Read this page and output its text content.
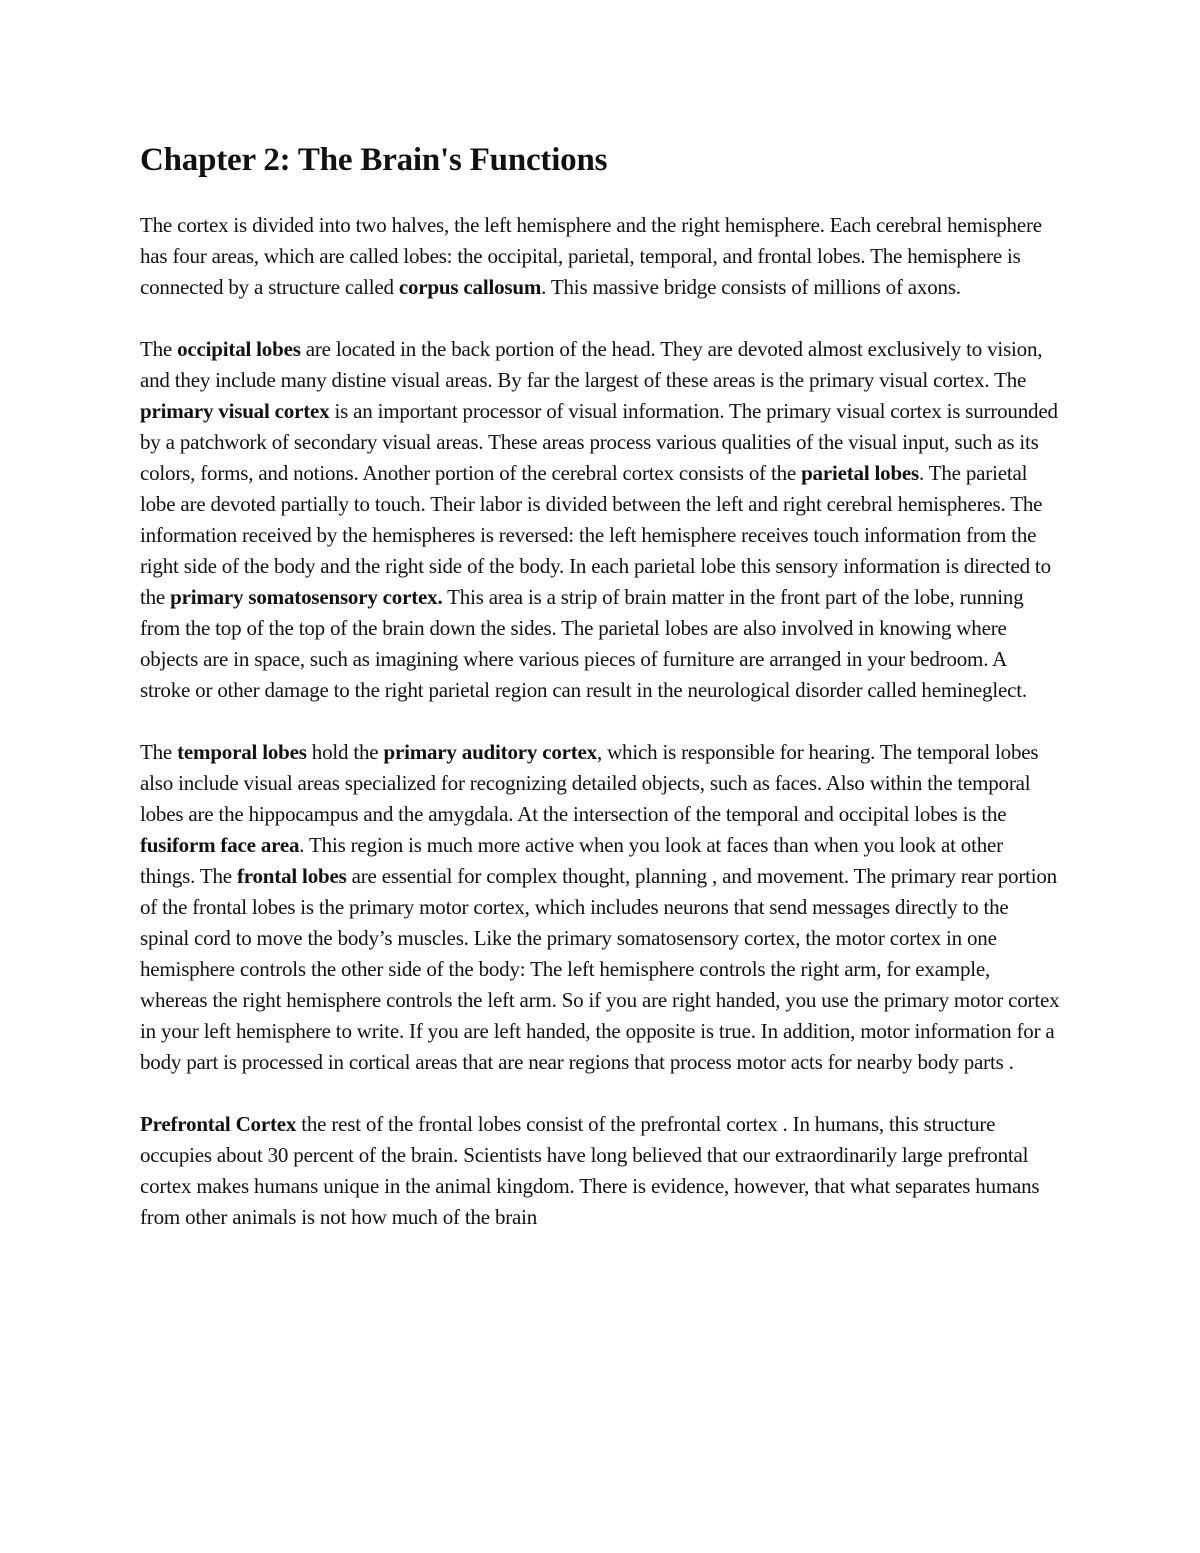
Chapter 2: The Brain's Functions

The cortex is divided into two halves, the left hemisphere and the right hemisphere. Each cerebral hemisphere has four areas, which are called lobes: the occipital, parietal, temporal, and frontal lobes. The hemisphere is connected by a structure called corpus callosum. This massive bridge consists of millions of axons.

The occipital lobes are located in the back portion of the head. They are devoted almost exclusively to vision, and they include many distine visual areas. By far the largest of these areas is the primary visual cortex. The primary visual cortex is an important processor of visual information. The primary visual cortex is surrounded by a patchwork of secondary visual areas. These areas process various qualities of the visual input, such as its colors, forms, and notions. Another portion of the cerebral cortex consists of the parietal lobes. The parietal lobe are devoted partially to touch. Their labor is divided between the left and right cerebral hemispheres. The information received by the hemispheres is reversed: the left hemisphere receives touch information from the right side of the body and the right side of the body. In each parietal lobe this sensory information is directed to the primary somatosensory cortex. This area is a strip of brain matter in the front part of the lobe, running from the top of the top of the brain down the sides. The parietal lobes are also involved in knowing where objects are in space, such as imagining where various pieces of furniture are arranged in your bedroom. A stroke or other damage to the right parietal region can result in the neurological disorder called hemineglect.

The temporal lobes hold the primary auditory cortex, which is responsible for hearing. The temporal lobes also include visual areas specialized for recognizing detailed objects, such as faces. Also within the temporal lobes are the hippocampus and the amygdala. At the intersection of the temporal and occipital lobes is the fusiform face area. This region is much more active when you look at faces than when you look at other things. The frontal lobes are essential for complex thought, planning , and movement. The primary rear portion of the frontal lobes is the primary motor cortex, which includes neurons that send messages directly to the spinal cord to move the body’s muscles. Like the primary somatosensory cortex, the motor cortex in one hemisphere controls the other side of the body: The left hemisphere controls the right arm, for example, whereas the right hemisphere controls the left arm. So if you are right handed, you use the primary motor cortex in your left hemisphere to write. If you are left handed, the opposite is true. In addition, motor information for a body part is processed in cortical areas that are near regions that process motor acts for nearby body parts .

Prefrontal Cortex the rest of the frontal lobes consist of the prefrontal cortex . In humans, this structure occupies about 30 percent of the brain. Scientists have long believed that our extraordinarily large prefrontal cortex makes humans unique in the animal kingdom. There is evidence, however, that what separates humans from other animals is not how much of the brain
